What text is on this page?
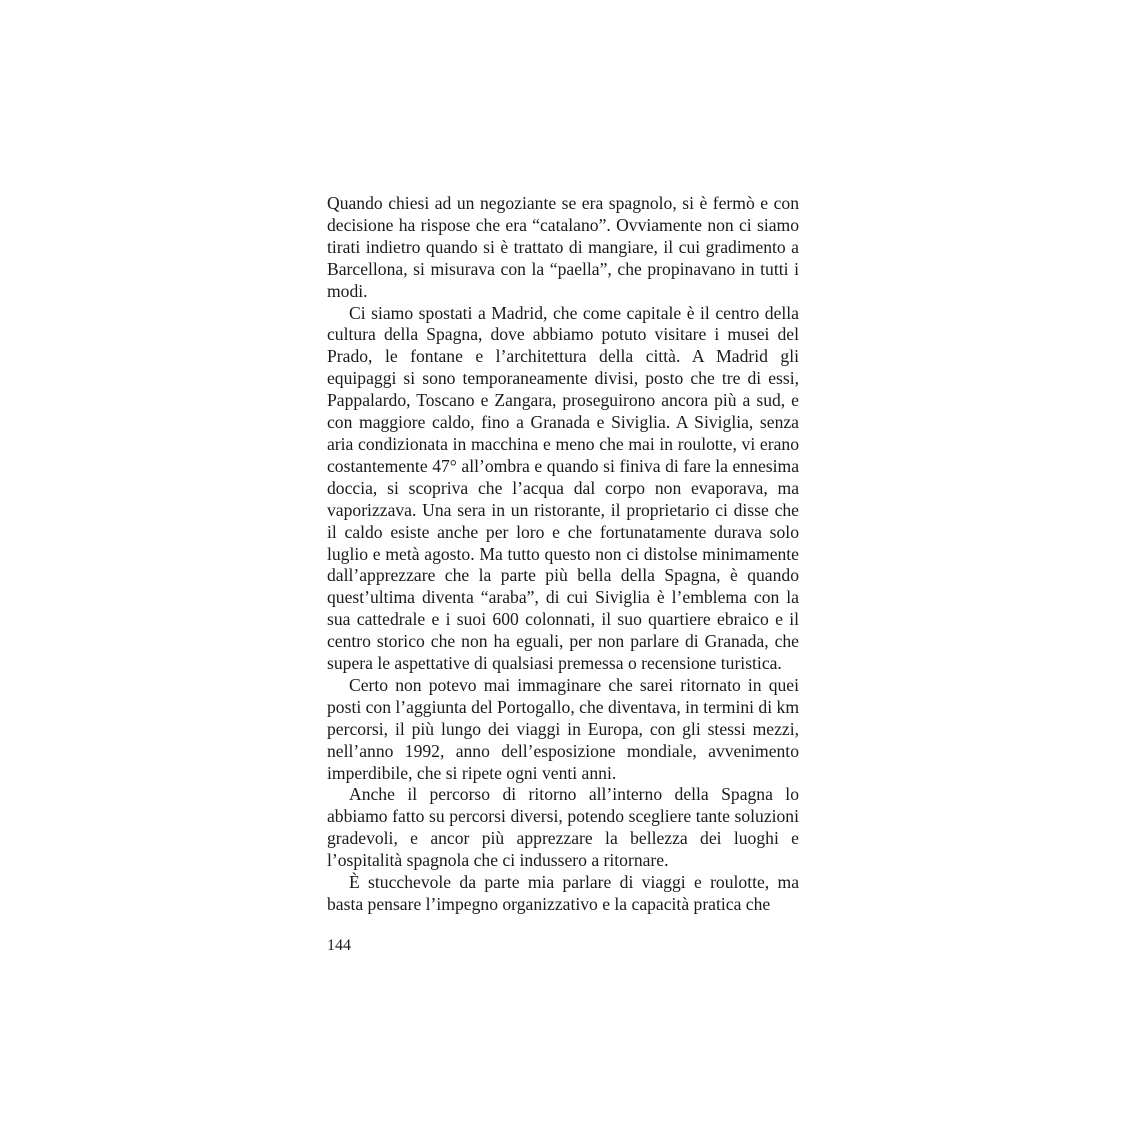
Quando chiesi ad un negoziante se era spagnolo, si è fermò e con decisione ha rispose che era “catalano”. Ovviamente non ci siamo tirati indietro quando si è trattato di mangiare, il cui gradimento a Barcellona, si misurava con la “paella”, che propinavano in tutti i modi.

Ci siamo spostati a Madrid, che come capitale è il centro della cultura della Spagna, dove abbiamo potuto visitare i musei del Prado, le fontane e l’architettura della città. A Madrid gli equipaggi si sono temporaneamente divisi, posto che tre di essi, Pappalardo, Toscano e Zangara, proseguirono ancora più a sud, e con maggiore caldo, fino a Granada e Siviglia. A Siviglia, senza aria condizionata in macchina e meno che mai in roulotte, vi erano costantemente 47° all’ombra e quando si finiva di fare la ennesima doccia, si scopriva che l’acqua dal corpo non evaporava, ma vaporizzava. Una sera in un ristorante, il proprietario ci disse che il caldo esiste anche per loro e che fortunatamente durava solo luglio e metà agosto. Ma tutto questo non ci distolse minimamente dall’apprezzare che la parte più bella della Spagna, è quando quest’ultima diventa “araba”, di cui Siviglia è l’emblema con la sua cattedrale e i suoi 600 colonnati, il suo quartiere ebraico e il centro storico che non ha eguali, per non parlare di Granada, che supera le aspettative di qualsiasi premessa o recensione turistica.

Certo non potevo mai immaginare che sarei ritornato in quei posti con l’aggiunta del Portogallo, che diventava, in termini di km percorsi, il più lungo dei viaggi in Europa, con gli stessi mezzi, nell’anno 1992, anno dell’esposizione mondiale, avvenimento imperdibile, che si ripete ogni venti anni.

Anche il percorso di ritorno all’interno della Spagna lo abbiamo fatto su percorsi diversi, potendo scegliere tante soluzioni gradevoli, e ancor più apprezzare la bellezza dei luoghi e l’ospitalità spagnola che ci indussero a ritornare.

È stucchevole da parte mia parlare di viaggi e roulotte, ma basta pensare l’impegno organizzativo e la capacità pratica che

144
